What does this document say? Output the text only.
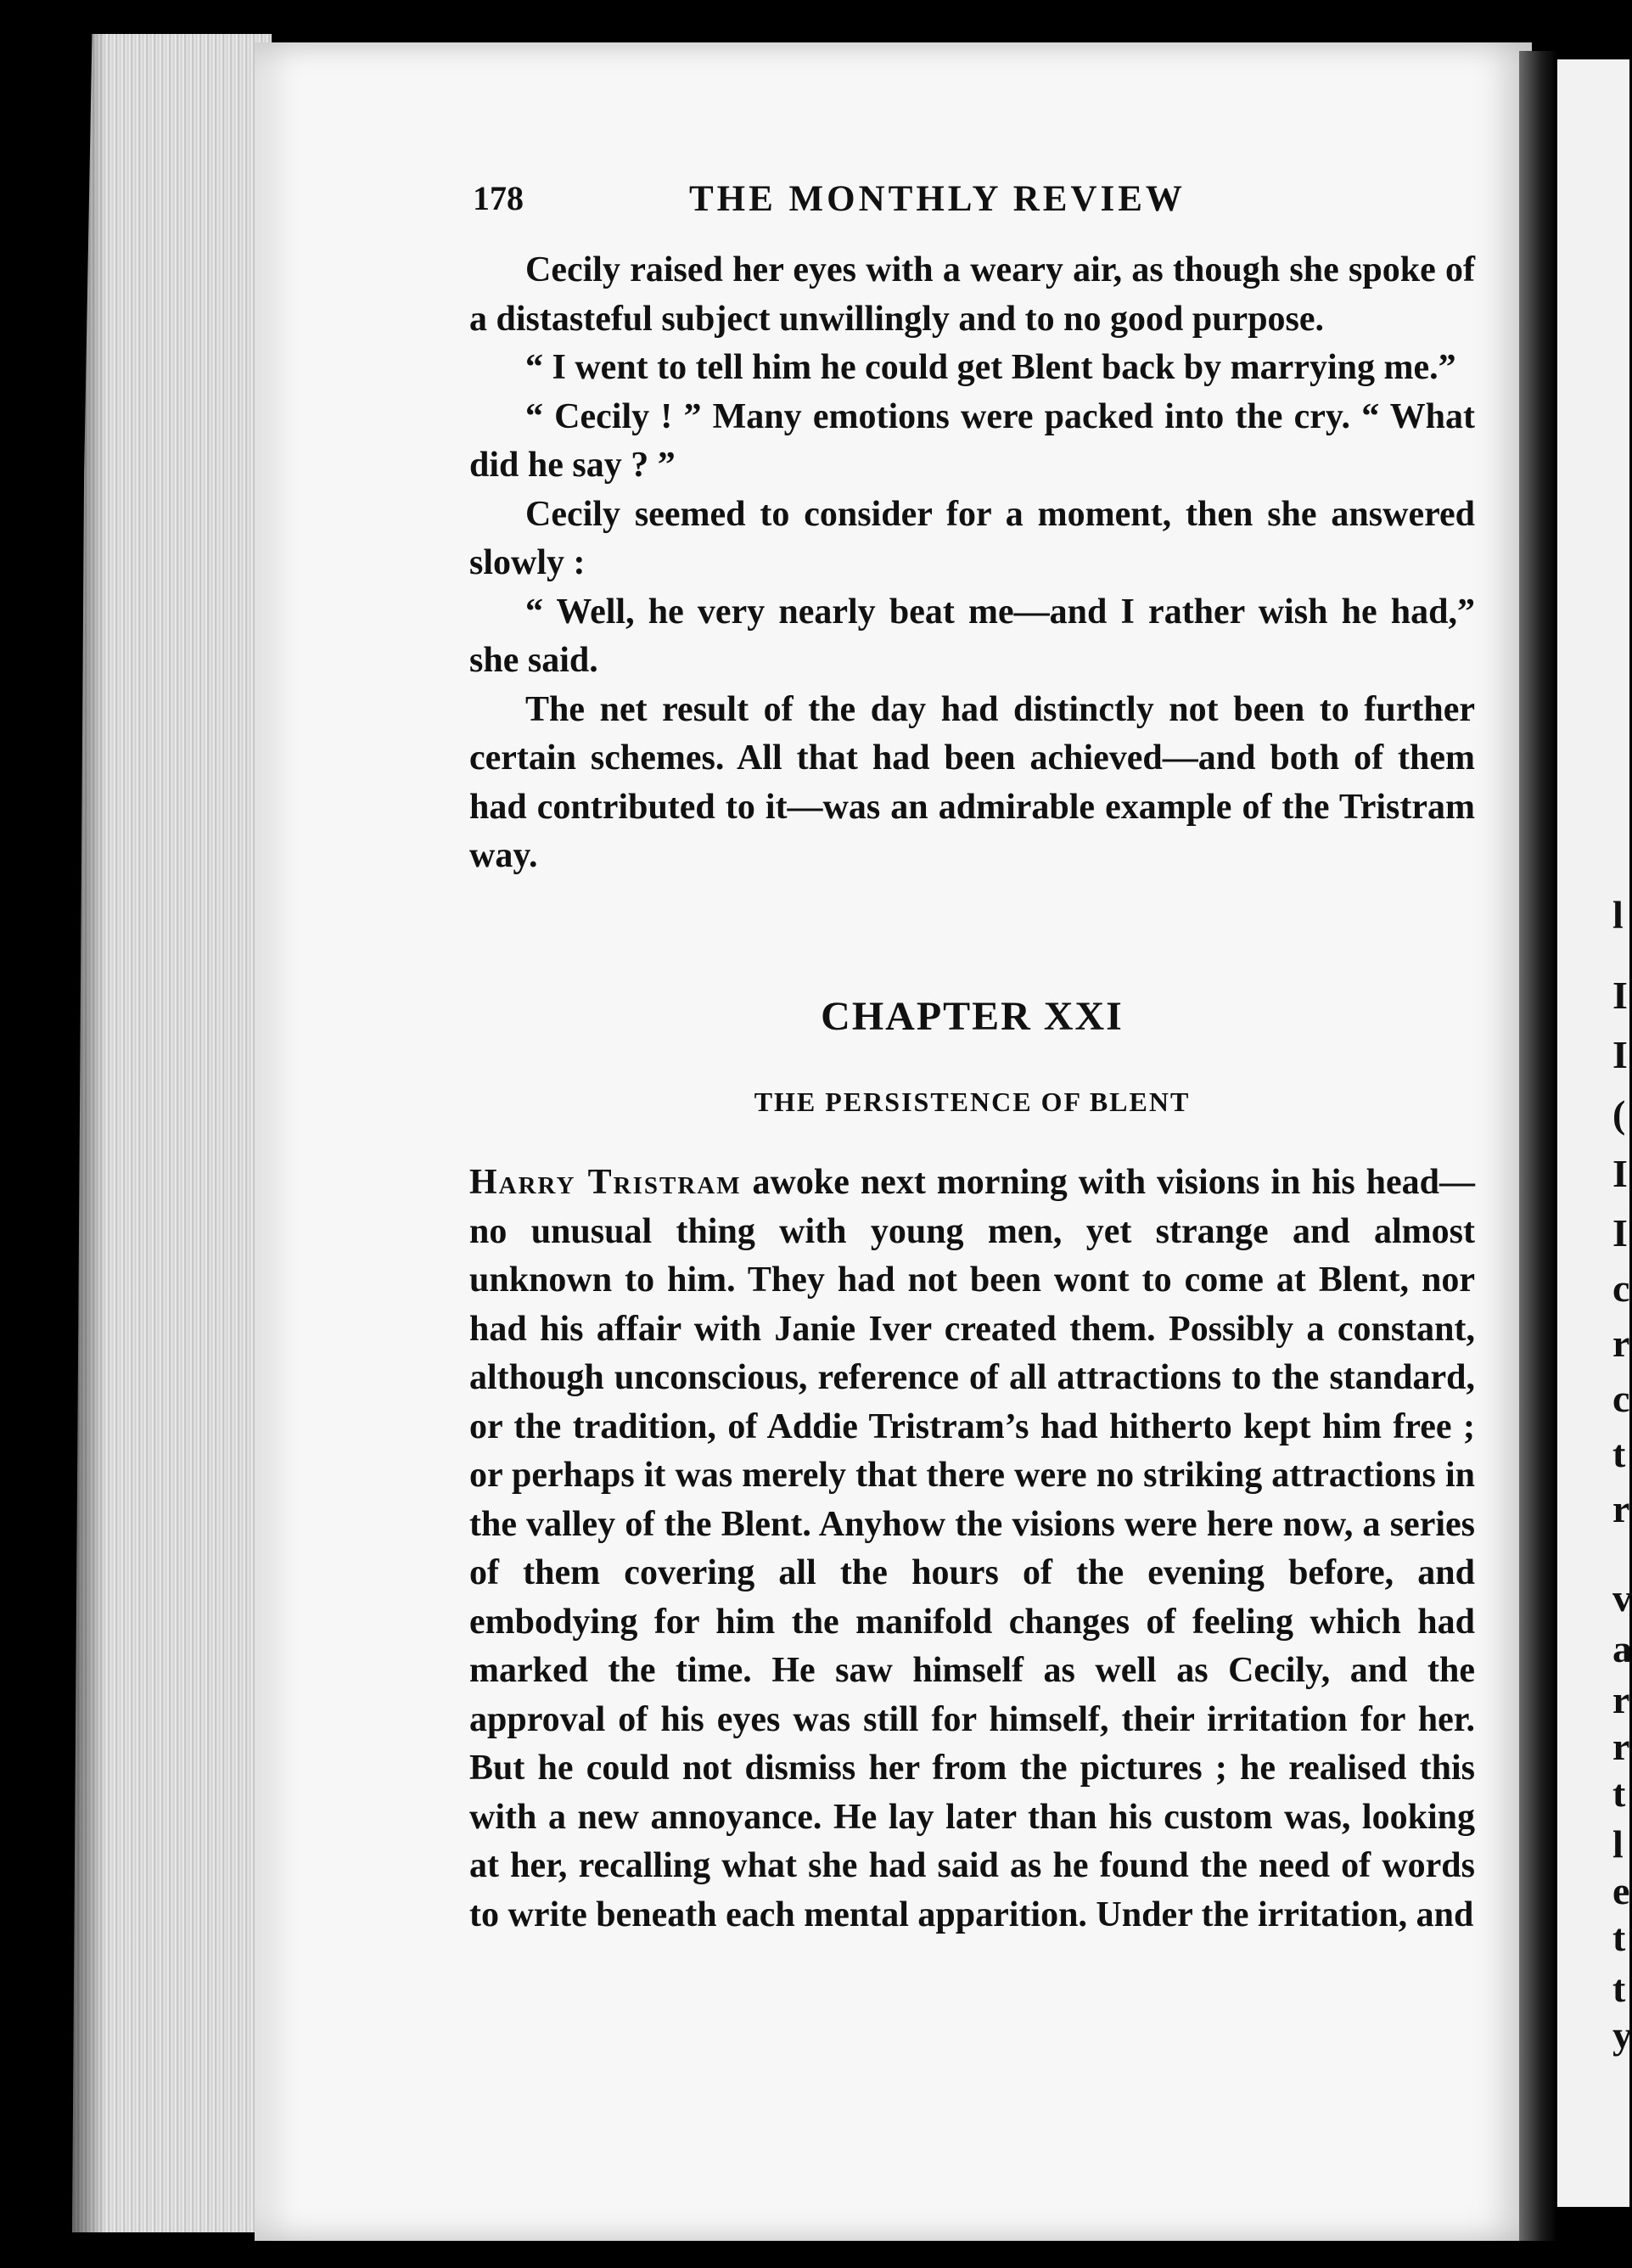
l
I
I
(
I
I
c
r
c
t
r
v
a
r
r
t
l
e
t
t
y
178	THE MONTHLY REVIEW

Cecily raised her eyes with a weary air, as though she spoke of a distasteful subject unwillingly and to no good purpose.

“ I went to tell him he could get Blent back by marrying me.”

“ Cecily ! ” Many emotions were packed into the cry. “ What did he say ? ”

Cecily seemed to consider for a moment, then she answered slowly :

“ Well, he very nearly beat me—and I rather wish he had,” she said.

The net result of the day had distinctly not been to further certain schemes. All that had been achieved—and both of them had contributed to it—was an admirable example of the Tristram way.

CHAPTER XXI
THE PERSISTENCE OF BLENT

Harry Tristram awoke next morning with visions in his head—no unusual thing with young men, yet strange and almost unknown to him. They had not been wont to come at Blent, nor had his affair with Janie Iver created them. Possibly a constant, although unconscious, reference of all attractions to the standard, or the tradition, of Addie Tristram’s had hitherto kept him free ; or perhaps it was merely that there were no striking attractions in the valley of the Blent. Anyhow the visions were here now, a series of them covering all the hours of the evening before, and embodying for him the manifold changes of feeling which had marked the time. He saw himself as well as Cecily, and the approval of his eyes was still for himself, their irritation for her. But he could not dismiss her from the pictures ; he realised this with a new annoyance. He lay later than his custom was, looking at her, recalling what she had said as he found the need of words to write beneath each mental apparition. Under the irritation, and
